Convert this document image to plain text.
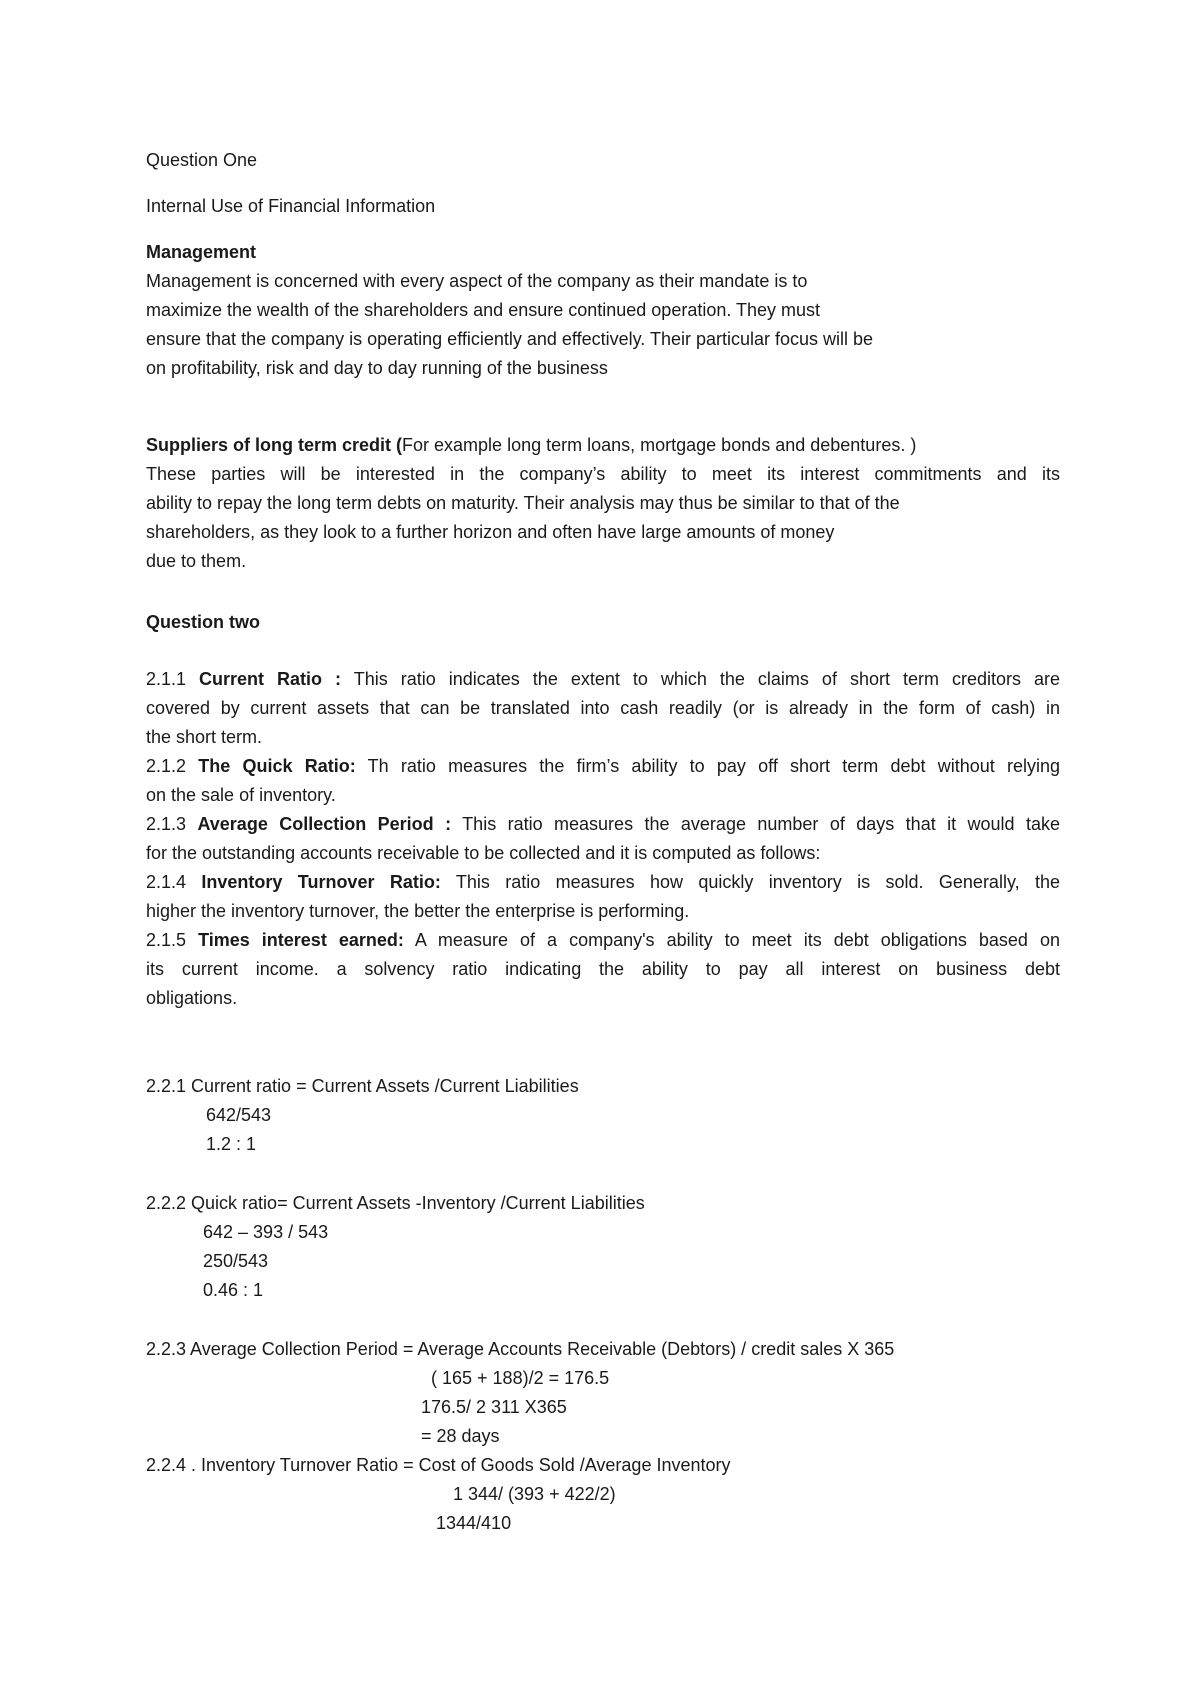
Question One
Internal Use of Financial Information
Management
Management is concerned with every aspect of the company as their mandate is to
maximize the wealth of the shareholders and ensure continued operation. They must
ensure that the company is operating efficiently and effectively. Their particular focus will be
on profitability, risk and day to day running of the business
Suppliers of long term credit (For example long term loans, mortgage bonds and debentures. )
These parties will be interested in the company’s ability to meet its interest commitments and its
ability to repay the long term debts on maturity. Their analysis may thus be similar to that of the
shareholders, as they look to a further horizon and often have large amounts of money
due to them.
Question two
2.1.1 Current Ratio : This ratio indicates the extent to which the claims of short term creditors are
covered by current assets that can be translated into cash readily (or is already in the form of cash) in
the short term.
2.1.2 The Quick Ratio: Th ratio measures the firm’s ability to pay off short term debt without relying
on the sale of inventory.
2.1.3 Average Collection Period : This ratio measures the average number of days that it would take
for the outstanding accounts receivable to be collected and it is computed as follows:
2.1.4 Inventory Turnover Ratio: This ratio measures how quickly inventory is sold. Generally, the
higher the inventory turnover, the better the enterprise is performing.
2.1.5 Times interest earned: A measure of a company's ability to meet its debt obligations based on
its current income. a solvency ratio indicating the ability to pay all interest on business debt
obligations.
2.2.1 Current ratio = Current Assets /Current Liabilities
642/543
1.2 : 1
2.2.2 Quick ratio= Current Assets -Inventory /Current Liabilities
642 – 393 / 543
250/543
0.46 : 1
2.2.3 Average Collection Period = Average Accounts Receivable (Debtors) / credit sales X 365
( 165 + 188)/2 = 176.5
176.5/ 2 311 X365
= 28 days
2.2.4 . Inventory Turnover Ratio = Cost of Goods Sold /Average Inventory
1 344/ (393 + 422/2)
1344/410
